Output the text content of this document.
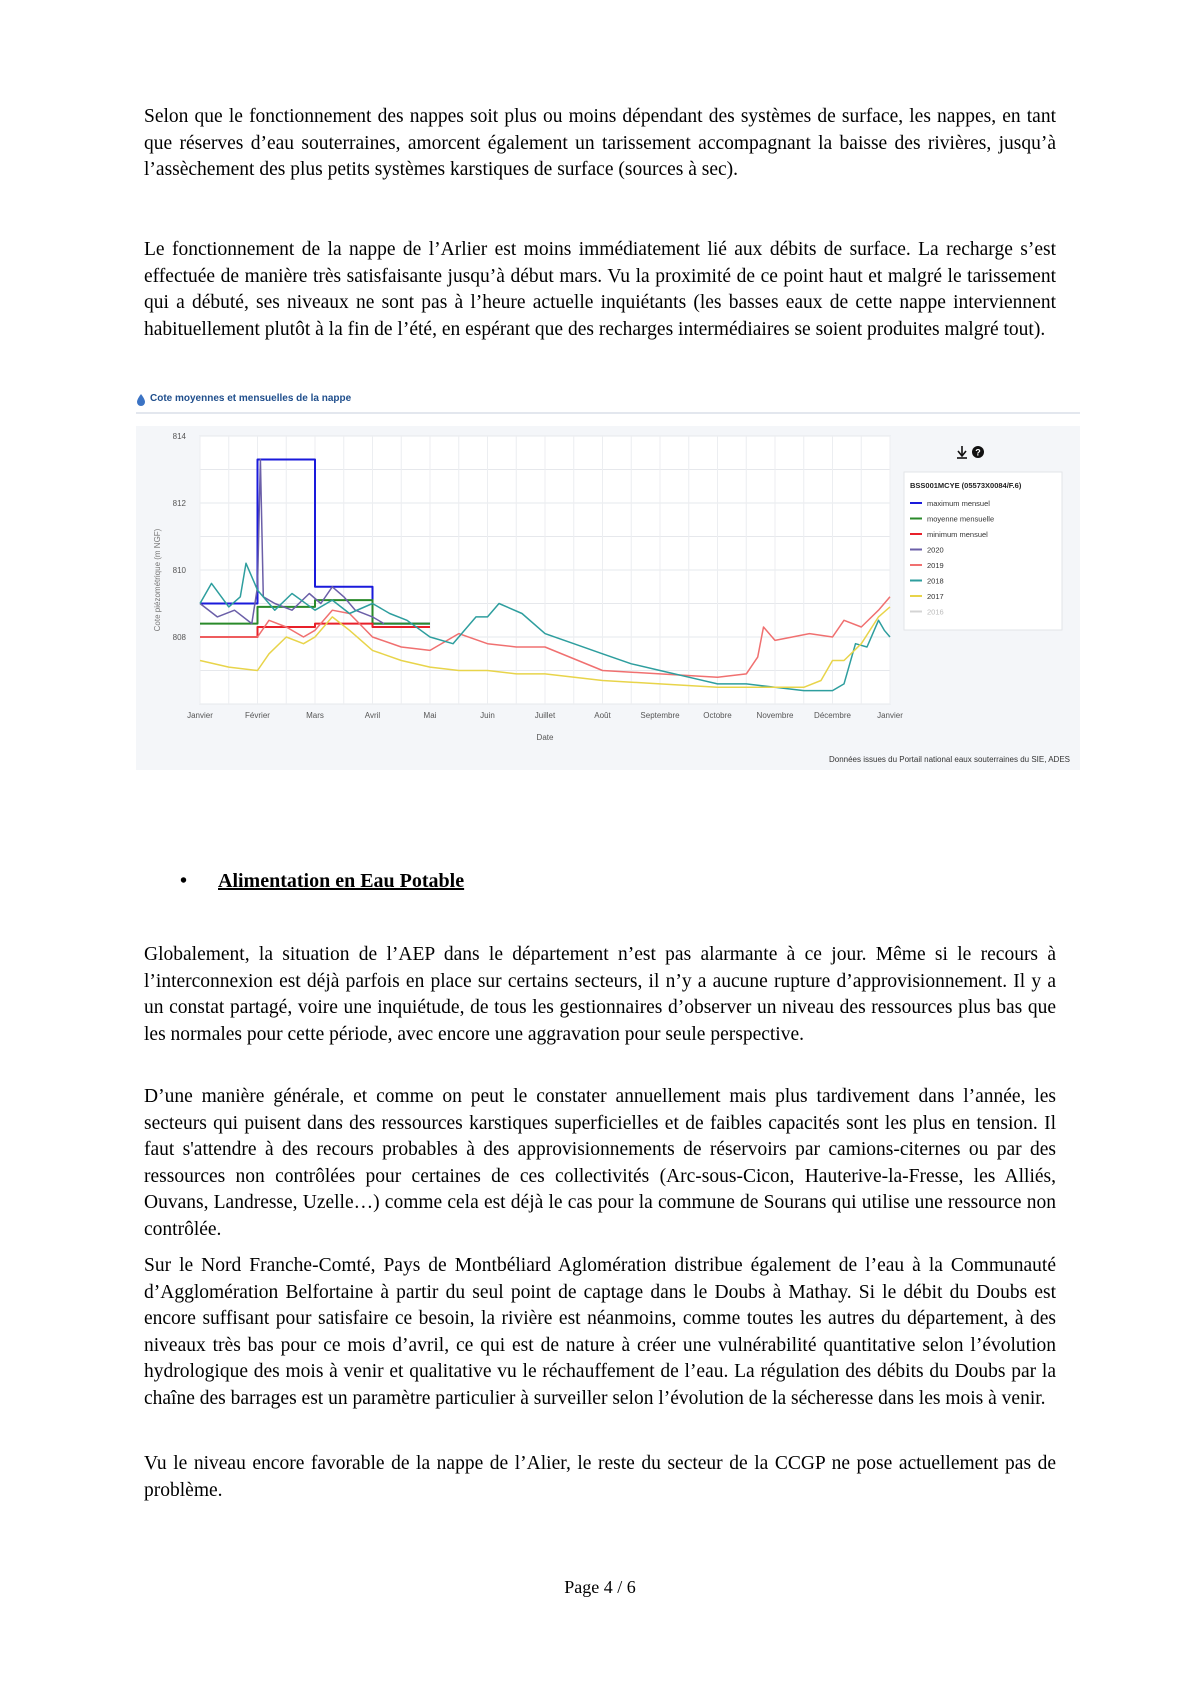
Selon que le fonctionnement des nappes soit plus ou moins dépendant des systèmes de surface, les nappes, en tant que réserves d’eau souterraines, amorcent également un tarissement accompagnant la baisse des rivières, jusqu’à l’assèchement des plus petits systèmes karstiques de surface (sources à sec).

Le fonctionnement de la nappe de l’Arlier est moins immédiatement lié aux débits de surface. La recharge s’est effectuée de manière très satisfaisante jusqu’à début mars. Vu la proximité de ce point haut et malgré le tarissement qui a débuté, ses niveaux ne sont pas à l’heure actuelle inquiétants (les basses eaux de cette nappe interviennent habituellement plutôt à la fin de l’été, en espérant que des recharges intermédiaires se soient produites malgré tout).

Cote moyennes et mensuelles de la nappe
808
810
812
814
Janvier	Février	Mars	Avril	Mai	Juin	Juillet	Août	Septembre	Octobre	Novembre	Décembre	Janvier
Date
Cote piézométrique (m NGF)
BSS001MCYE (05573X0084/F.6)
maximum mensuel
moyenne mensuelle
minimum mensuel
2020
2019
2018
2017
2016
?
Données issues du Portail national eaux souterraines du SIE, ADES
• Alimentation en Eau Potable

Globalement, la situation de l’AEP dans le département n’est pas alarmante à ce jour. Même si le recours à l’interconnexion est déjà parfois en place sur certains secteurs, il n’y a aucune rupture d’approvisionnement. Il y a un constat partagé, voire une inquiétude, de tous les gestionnaires d’observer un niveau des ressources plus bas que les normales pour cette période, avec encore une aggravation pour seule perspective.

D’une manière générale, et comme on peut le constater annuellement mais plus tardivement dans l’année, les secteurs qui puisent dans des ressources karstiques superficielles et de faibles capacités sont les plus en tension. Il faut s'attendre à des recours probables à des approvisionnements de réservoirs par camions-citernes ou par des ressources non contrôlées pour certaines de ces collectivités (Arc-sous-Cicon, Hauterive-la-Fresse, les Alliés, Ouvans, Landresse, Uzelle…) comme cela est déjà le cas pour la commune de Sourans qui utilise une ressource non contrôlée.

Sur le Nord Franche-Comté, Pays de Montbéliard Aglomération distribue également de l’eau à la Communauté d’Agglomération Belfortaine à partir du seul point de captage dans le Doubs à Mathay. Si le débit du Doubs est encore suffisant pour satisfaire ce besoin, la rivière est néanmoins, comme toutes les autres du département, à des niveaux très bas pour ce mois d’avril, ce qui est de nature à créer une vulnérabilité quantitative selon l’évolution hydrologique des mois à venir et qualitative vu le réchauffement de l’eau. La régulation des débits du Doubs par la chaîne des barrages est un paramètre particulier à surveiller selon l’évolution de la sécheresse dans les mois à venir.

Vu le niveau encore favorable de la nappe de l’Alier, le reste du secteur de la CCGP ne pose actuellement pas de problème.

Page 4 / 6
